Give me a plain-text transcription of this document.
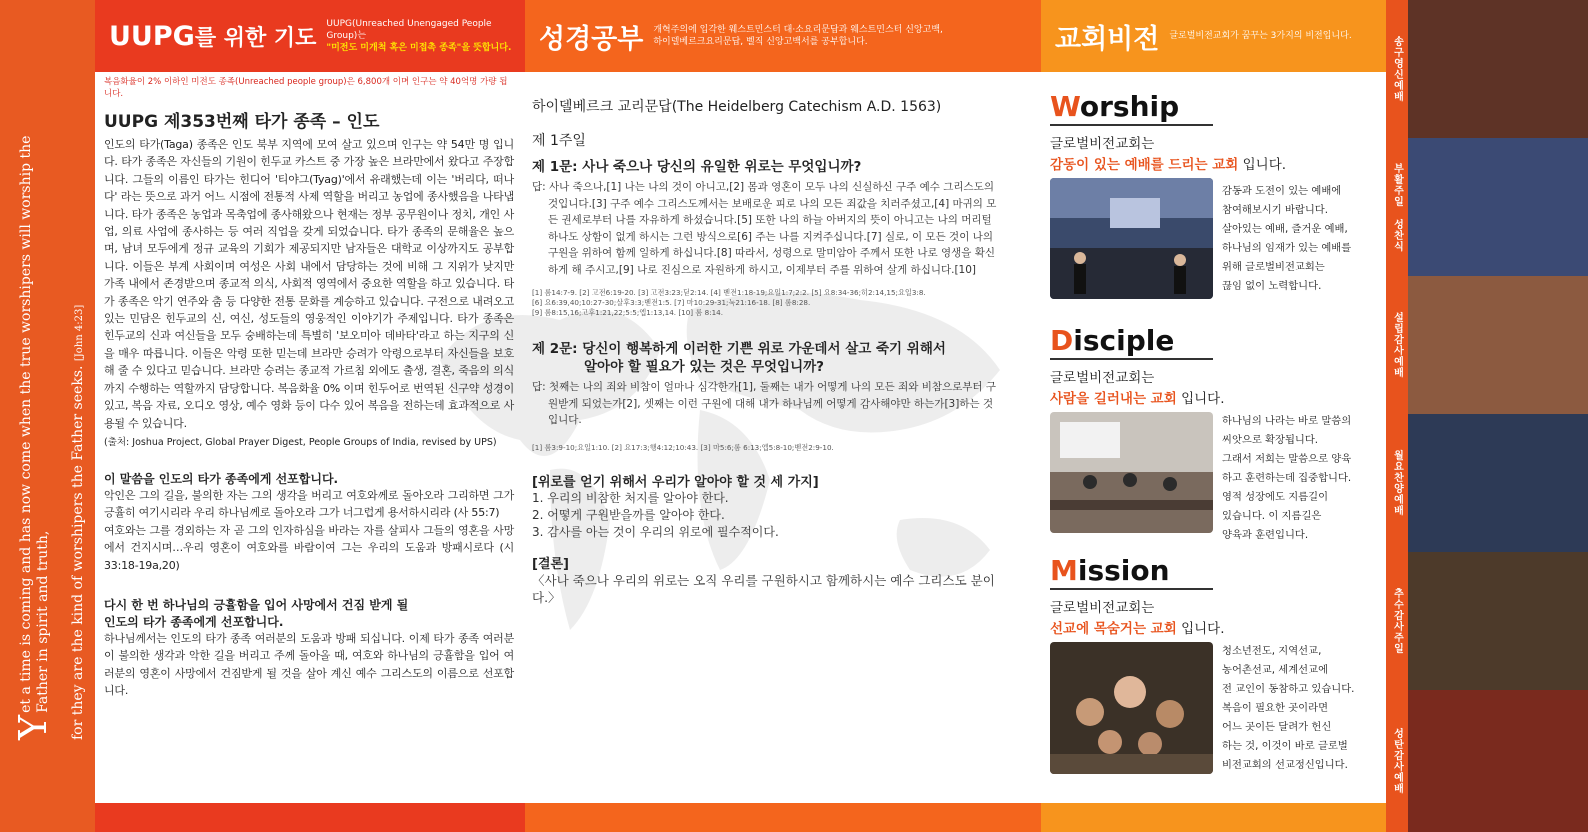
Y
et a time is coming and has now come when the true worshipers will worship the Father in spirit and truth, for they are the kind of worshipers the Father seeks. [John 4:23]
UUPG를 위한 기도
UUPG(Unreached Unengaged People Group)는
"미전도 미개척 혹은 미접촉 종족"을 뜻합니다.	성경공부 개혁주의에 입각한 웨스트민스터 대·소요리문답과 웨스트민스터 신앙고백,
하이델베르크요리문답, 벨직 신앙고백서를 공부합니다.	교회비전 글로벌비전교회가 꿈꾸는 3가지의 비전입니다.
복음화율이 2% 이하인 미전도 종족(Unreached people group)은 6,800개 이며 인구는 약 40억명 가량 됩니다.
UUPG 제353번째 타가 종족 – 인도
인도의 타가(Taga) 종족은 인도 북부 지역에 모여 살고 있으며 인구는 약 54만 명 입니다. 타가 종족은 자신들의 기원이 힌두교 카스트 중 가장 높은 브라만에서 왔다고 주장합니다. 그들의 이름인 타가는 힌디어 '티야그(Tyag)'에서 유래했는데 이는 '버리다, 떠나다' 라는 뜻으로 과거 어느 시점에 전통적 사제 역할을 버리고 농업에 종사했음을 나타냅니다. 타가 종족은 농업과 목축업에 종사해왔으나 현재는 정부 공무원이나 정치, 개인 사업, 의료 사업에 종사하는 등 여러 직업을 갖게 되었습니다. 타가 종족의 문해율은 높으며, 남녀 모두에게 정규 교육의 기회가 제공되지만 남자들은 대학교 이상까지도 공부합니다. 이들은 부계 사회이며 여성은 사회 내에서 담당하는 것에 비해 그 지위가 낮지만 가족 내에서 존경받으며 종교적 의식, 사회적 영역에서 중요한 역할을 하고 있습니다. 타가 종족은 악기 연주와 춤 등 다양한 전통 문화를 계승하고 있습니다. 구전으로 내려오고 있는 민담은 힌두교의 신, 여신, 성도들의 영웅적인 이야기가 주제입니다. 타가 종족은 힌두교의 신과 여신들을 모두 숭배하는데 특별히 '보오미아 데바타'라고 하는 지구의 신을 매우 따릅니다. 이들은 악령 또한 믿는데 브라만 승려가 악령으로부터 자신들을 보호해 줄 수 있다고 믿습니다. 브라만 승려는 종교적 가르침 외에도 출생, 결혼, 죽음의 의식까지 수행하는 역할까지 담당합니다. 복음화율 0% 이며 힌두어로 번역된 신구약 성경이 있고, 복음 자료, 오디오 영상, 예수 영화 등이 다수 있어 복음을 전하는데 효과적으로 사용될 수 있습니다.
(출처: Joshua Project, Global Prayer Digest, People Groups of India, revised by UPS)
이 말씀을 인도의 타가 종족에게 선포합니다.
악인은 그의 길을, 불의한 자는 그의 생각을 버리고 여호와께로 돌아오라 그리하면 그가 긍휼히 여기시리라 우리 하나님께로 돌아오라 그가 너그럽게 용서하시리라 (사 55:7)
여호와는 그를 경외하는 자 곧 그의 인자하심을 바라는 자를 살피사 그들의 영혼을 사망에서 건지시며…우리 영혼이 여호와를 바람이여 그는 우리의 도움과 방패시로다 (시 33:18-19a,20)
다시 한 번 하나님의 긍휼함을 입어 사망에서 건짐 받게 될
인도의 타가 종족에게 선포합니다.
하나님께서는 인도의 타가 종족 여러분의 도움과 방패 되십니다. 이제 타가 종족 여러분이 불의한 생각과 악한 길을 버리고 주께 돌아올 때, 여호와 하나님의 긍휼함을 입어 여러분의 영혼이 사망에서 건짐받게 될 것을 살아 계신 예수 그리스도의 이름으로 선포합니다.
하이델베르크 교리문답(The Heidelberg Catechism A.D. 1563)
제 1주일
제 1문: 사나 죽으나 당신의 유일한 위로는 무엇입니까?
답: 사나 죽으나,[1] 나는 나의 것이 아니고,[2] 몸과 영혼이 모두 나의 신실하신 구주 예수 그리스도의 것입니다.[3] 구주 예수 그리스도께서는 보배로운 피로 나의 모든 죄값을 치러주셨고,[4] 마귀의 모든 권세로부터 나를 자유하게 하셨습니다.[5] 또한 나의 하늘 아버지의 뜻이 아니고는 나의 머리털 하나도 상함이 없게 하시는 그런 방식으로[6] 주는 나를 지켜주십니다.[7] 실로, 이 모든 것이 나의 구원을 위하여 함께 일하게 하십니다.[8] 따라서, 성령으로 말미암아 주께서 또한 나로 영생을 확신하게 해 주시고,[9] 나로 진심으로 자원하게 하시고, 이제부터 주를 위하여 살게 하십니다.[10]
[1] 롬14:7-9. [2] 고전6:19-20. [3] 고전3:23;딛2:14. [4] 벧전1:18-19;요일1:7;2:2. [5] 요8:34-36;히2:14,15;요일3:8.
[6] 요6:39,40;10:27-30;살후3:3;벧전1:5. [7] 마10:29-31;눅21:16-18. [8] 롬8:28.
[9] 롬8:15,16;고후1:21,22;5:5;엡1:13,14. [10] 롬 8:14.
제 2문: 당신이 행복하게 이러한 기쁜 위로 가운데서 살고 죽기 위해서
알아야 할 필요가 있는 것은 무엇입니까?
답: 첫째는 나의 죄와 비참이 얼마나 심각한가[1], 둘째는 내가 어떻게 나의 모든 죄와 비참으로부터 구원받게 되었는가[2], 셋째는 이런 구원에 대해 내가 하나님께 어떻게 감사해야만 하는가[3]하는 것입니다.
[1] 롬3:9-10;요일1:10. [2] 요17:3;행4:12;10:43. [3] 마5:6;롬 6:13;엡5:8-10;벧전2:9-10.
[위로를 얻기 위해서 우리가 알아야 할 것 세 가지]
1. 우리의 비참한 처지를 알아야 한다.
2. 어떻게 구원받을까를 알아야 한다.
3. 감사를 아는 것이 우리의 위로에 필수적이다.
[결론]
〈사나 죽으나 우리의 위로는 오직 우리를 구원하시고 함께하시는 예수 그리스도 분이다.〉
Worship
글로벌비전교회는
감동이 있는 예배를 드리는 교회 입니다.
감동과 도전이 있는 예배에
참여해보시기 바랍니다.
살아있는 예배, 즐거운 예배,
하나님의 임재가 있는 예배를
위해 글로벌비전교회는
끊임 없이 노력합니다.
Disciple
글로벌비전교회는
사람을 길러내는 교회 입니다.
하나님의 나라는 바로 말씀의
씨앗으로 확장됩니다.
그래서 저희는 말씀으로 양육
하고 훈련하는데 집중합니다.
영적 성장에도 지름길이
있습니다. 이 지름길은
양육과 훈련입니다.
Mission
글로벌비전교회는
선교에 목숨거는 교회 입니다.
청소년전도, 지역선교,
농어촌선교, 세계선교에
전 교인이 동참하고 있습니다.
복음이 필요한 곳이라면
어느 곳이든 달려가 헌신
하는 것, 이것이 바로 글로벌
비전교회의 선교정신입니다.
송구영신예배
부활주일 성찬식
설립감사예배
월요찬양예배
추수감사주일
성탄감사예배
